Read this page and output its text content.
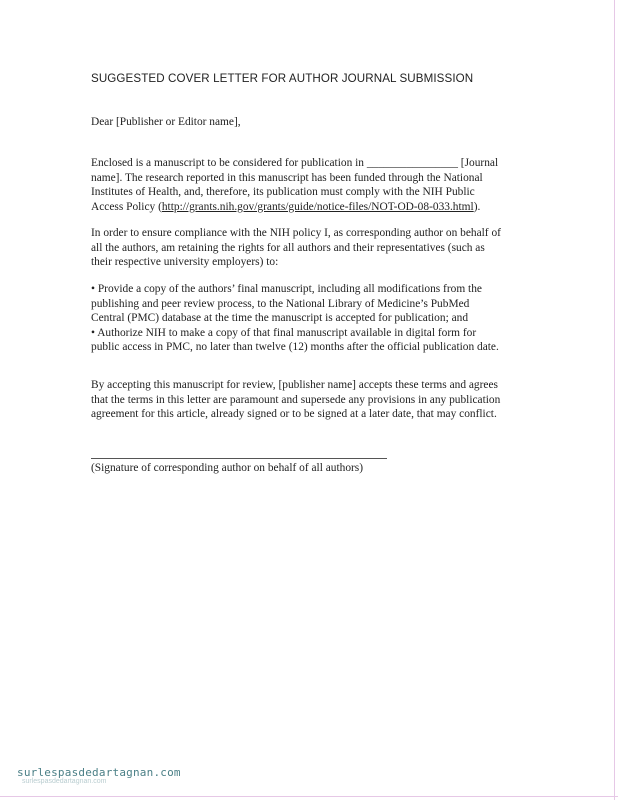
SUGGESTED COVER LETTER FOR AUTHOR JOURNAL SUBMISSION
Dear [Publisher or Editor name],
Enclosed is a manuscript to be considered for publication in ________________ [Journal
name]. The research reported in this manuscript has been funded through the National
Institutes of Health, and, therefore, its publication must comply with the NIH Public
Access Policy (http://grants.nih.gov/grants/guide/notice-files/NOT-OD-08-033.html).
In order to ensure compliance with the NIH policy I, as corresponding author on behalf of
all the authors, am retaining the rights for all authors and their representatives (such as
their respective university employers) to:
• Provide a copy of the authors’ final manuscript, including all modifications from the
publishing and peer review process, to the National Library of Medicine’s PubMed
Central (PMC) database at the time the manuscript is accepted for publication; and
• Authorize NIH to make a copy of that final manuscript available in digital form for
public access in PMC, no later than twelve (12) months after the official publication date.
By accepting this manuscript for review, [publisher name] accepts these terms and agrees
that the terms in this letter are paramount and supersede any provisions in any publication
agreement for this article, already signed or to be signed at a later date, that may conflict.
(Signature of corresponding author on behalf of all authors)
surlespasdedartagnan.com
surlespasdedartagnan.com
